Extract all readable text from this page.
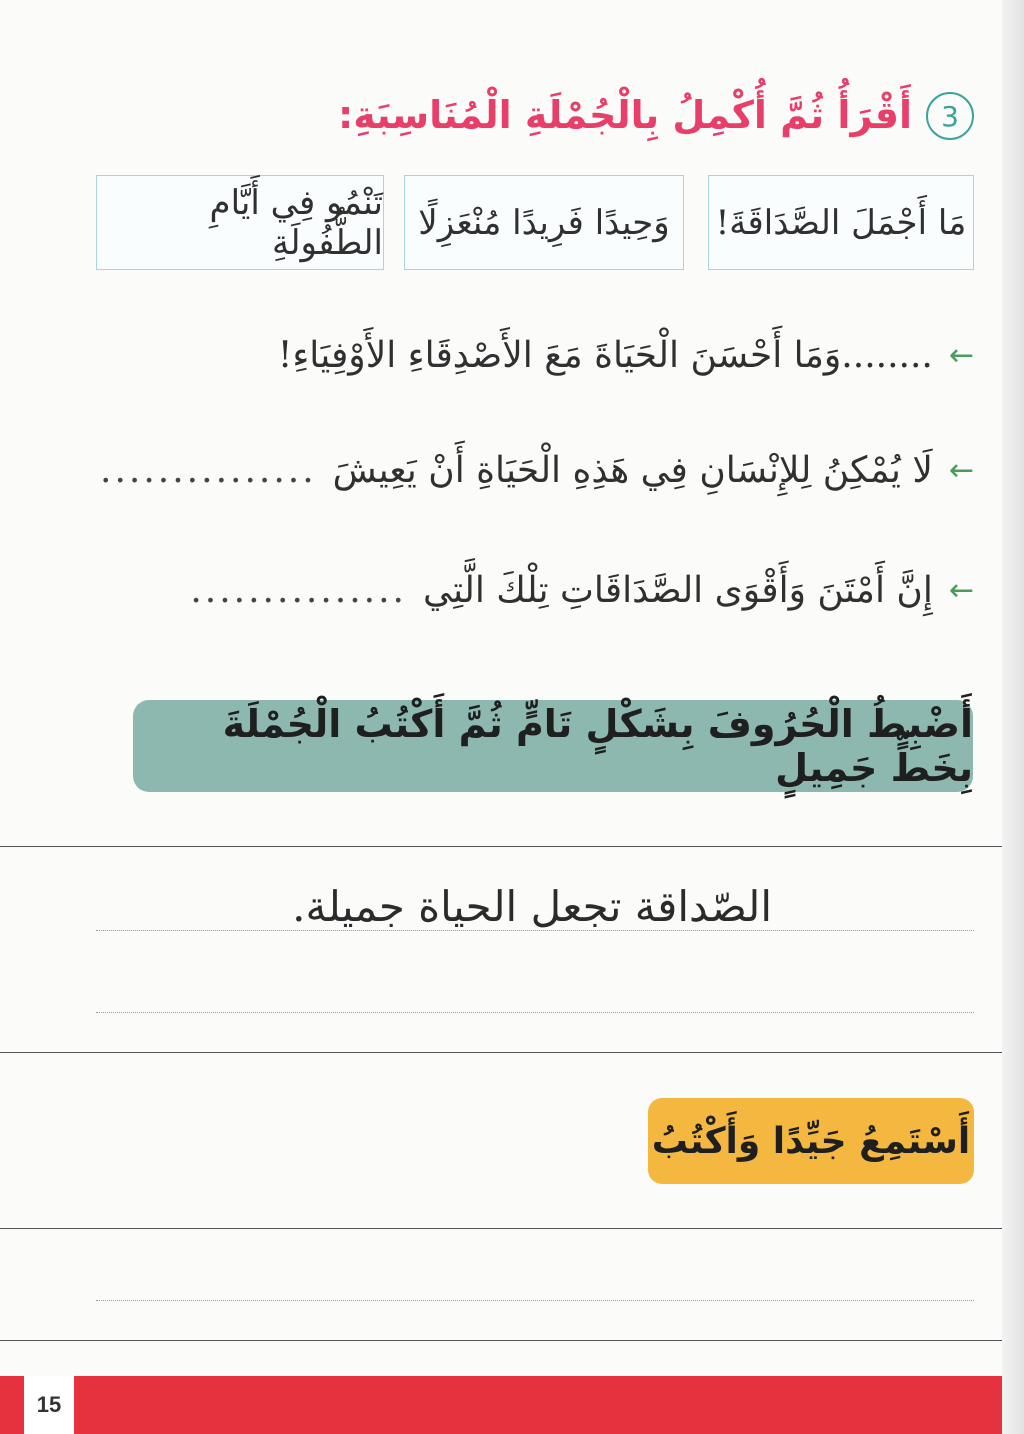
3
أَقْرَأُ ثُمَّ أُكْمِلُ بِالْجُمْلَةِ الْمُنَاسِبَةِ:
مَا أَجْمَلَ الصَّدَاقَةَ!
وَحِيدًا فَرِيدًا مُنْعَزِلًا
تَنْمُو فِي أَيَّامِ الطُّفُولَةِ
←
........وَمَا أَحْسَنَ الْحَيَاةَ مَعَ الأَصْدِقَاءِ الأَوْفِيَاءِ!
←
لَا يُمْكِنُ لِلإِنْسَانِ فِي هَذِهِ الْحَيَاةِ أَنْ يَعِيشَ
...............
←
إِنَّ أَمْتَنَ وَأَقْوَى الصَّدَاقَاتِ تِلْكَ الَّتِي
...............
أَضْبِطُ الْحُرُوفَ بِشَكْلٍ تَامٍّ ثُمَّ أَكْتُبُ الْجُمْلَةَ بِخَطٍّ جَمِيلٍ
الصّداقة تجعل الحياة جميلة.
أَسْتَمِعُ جَيِّدًا وَأَكْتُبُ
15
